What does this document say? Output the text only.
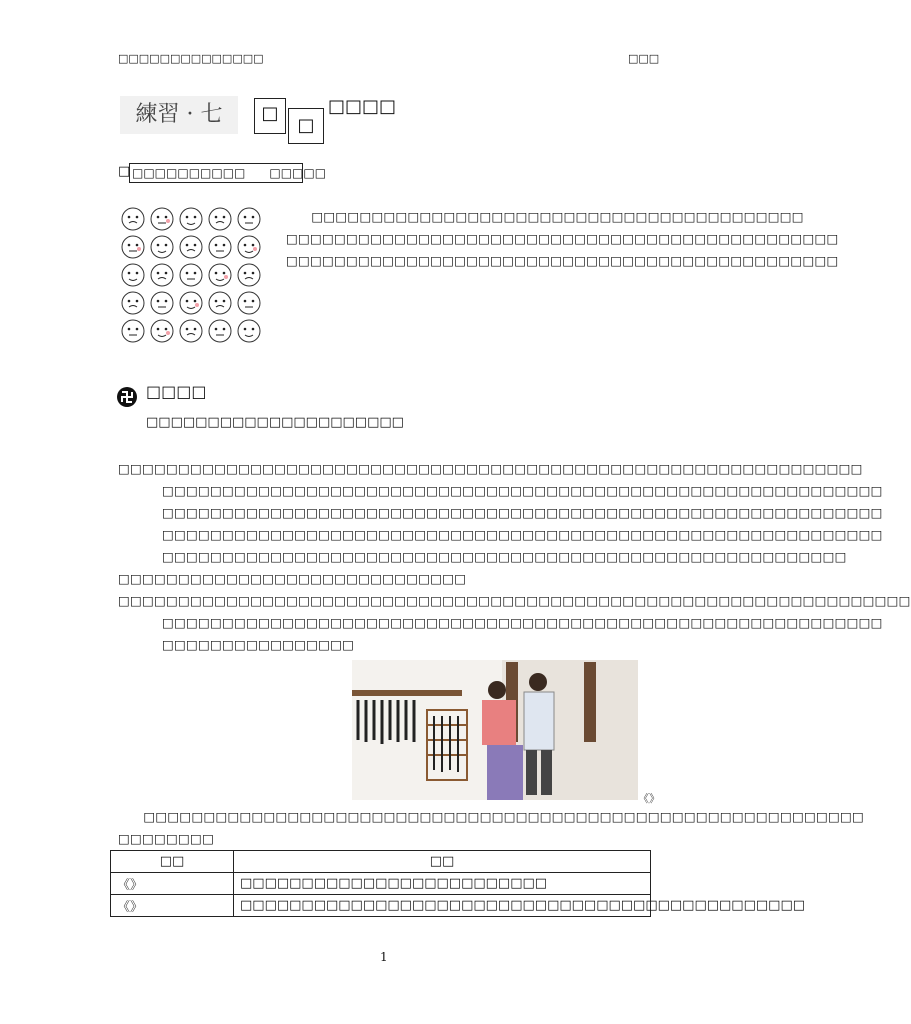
□□□□□□□□□□□□□□	□□□
練習 · 七	□
□
□□□□
□ □□□□□□□□□□　　□□□□□
　　□□□□□□□□□□□□□□□□□□□□□□□□□□□□□□□□□□□□□□□□□
□□□□□□□□□□□□□□□□□□□□□□□□□□□□□□□□□□□□□□□□□□□□□□
□□□□□□□□□□□□□□□□□□□□□□□□□□□□□□□□□□□□□□□□□□□□□□
□□□□
□□□□□□□□□□□□□□□□□□□□□
□□□□□□□□□□□□□□□□□□□□□□□□□□□□□□□□□□□□□□□□□□□□□□□□□□□□□□□□□□□□□□
□□□□□□□□□□□□□□□□□□□□□□□□□□□□□□□□□□□□□□□□□□□□□□□□□□□□□□□□□□□□
□□□□□□□□□□□□□□□□□□□□□□□□□□□□□□□□□□□□□□□□□□□□□□□□□□□□□□□□□□□□
□□□□□□□□□□□□□□□□□□□□□□□□□□□□□□□□□□□□□□□□□□□□□□□□□□□□□□□□□□□□
□□□□□□□□□□□□□□□□□□□□□□□□□□□□□□□□□□□□□□□□□□□□□□□□□□□□□□□□□
□□□□□□□□□□□□□□□□□□□□□□□□□□□□□
□□□□□□□□□□□□□□□□□□□□□□□□□□□□□□□□□□□□□□□□□□□□□□□□□□□□□□□□□□□□□□□□□□
□□□□□□□□□□□□□□□□□□□□□□□□□□□□□□□□□□□□□□□□□□□□□□□□□□□□□□□□□□□□
□□□□□□□□□□□□□□□□
《》
　　□□□□□□□□□□□□□□□□□□□□□□□□□□□□□□□□□□□□□□□□□□□□□□□□□□□□□□□□□□□□
□□□□□□□□
□□	□□
《》	□□□□□□□□□□□□□□□□□□□□□□□□□
《》	□□□□□□□□□□□□□□□□□□□□□□□□□□□□□□□□□□□□□□□□□□□□□□
1
